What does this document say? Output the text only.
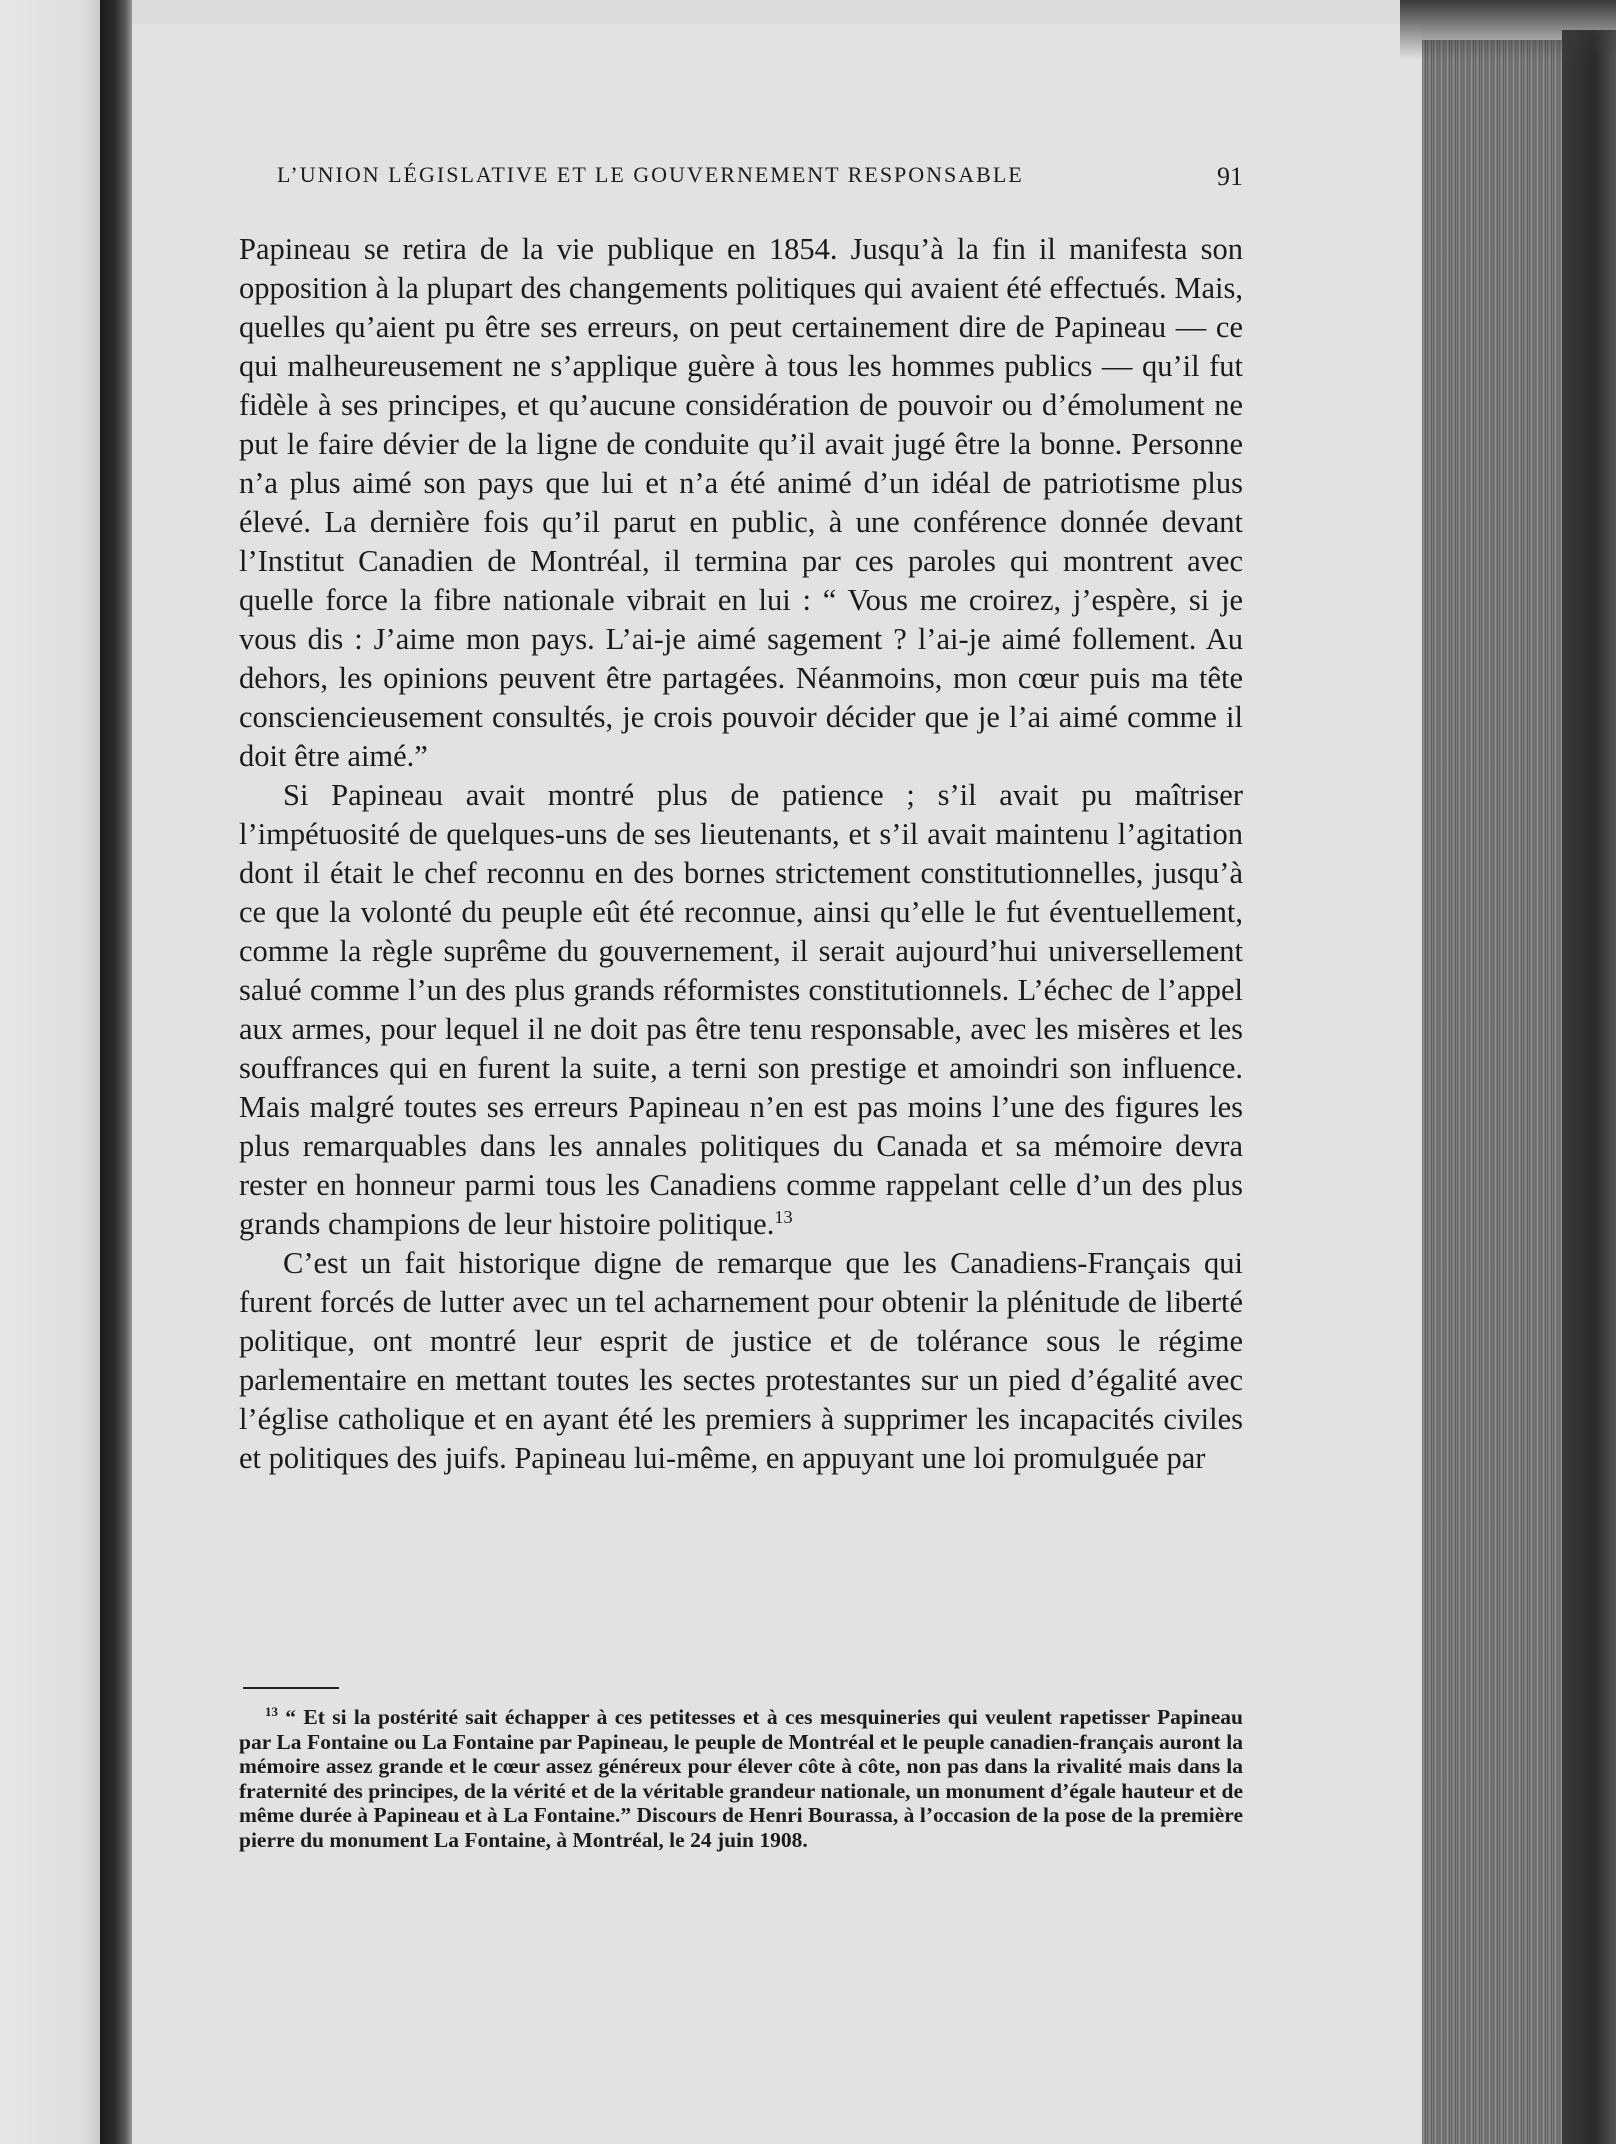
L’UNION LÉGISLATIVE ET LE GOUVERNEMENT RESPONSABLE	91

Papineau se retira de la vie publique en 1854. Jusqu’à la fin il manifesta son opposition à la plupart des changements politiques qui avaient été effectués. Mais, quelles qu’aient pu être ses erreurs, on peut certainement dire de Papineau — ce qui malheureusement ne s’applique guère à tous les hommes publics — qu’il fut fidèle à ses principes, et qu’aucune considération de pouvoir ou d’émolument ne put le faire dévier de la ligne de conduite qu’il avait jugé être la bonne. Personne n’a plus aimé son pays que lui et n’a été animé d’un idéal de patriotisme plus élevé. La dernière fois qu’il parut en public, à une conférence donnée devant l’Institut Canadien de Montréal, il termina par ces paroles qui montrent avec quelle force la fibre nationale vibrait en lui : “ Vous me croirez, j’espère, si je vous dis : J’aime mon pays. L’ai-je aimé sagement ? l’ai-je aimé follement. Au dehors, les opinions peuvent être partagées. Néanmoins, mon cœur puis ma tête consciencieusement consultés, je crois pouvoir décider que je l’ai aimé comme il doit être aimé.”

Si Papineau avait montré plus de patience ; s’il avait pu maîtriser l’impétuosité de quelques-uns de ses lieutenants, et s’il avait maintenu l’agitation dont il était le chef reconnu en des bornes strictement constitutionnelles, jusqu’à ce que la volonté du peuple eût été reconnue, ainsi qu’elle le fut éventuellement, comme la règle suprême du gouvernement, il serait aujourd’hui universellement salué comme l’un des plus grands réformistes constitutionnels. L’échec de l’appel aux armes, pour lequel il ne doit pas être tenu responsable, avec les misères et les souffrances qui en furent la suite, a terni son prestige et amoindri son influence. Mais malgré toutes ses erreurs Papineau n’en est pas moins l’une des figures les plus remarquables dans les annales politiques du Canada et sa mémoire devra rester en honneur parmi tous les Canadiens comme rappelant celle d’un des plus grands champions de leur histoire politique.$^{13}$

C’est un fait historique digne de remarque que les Canadiens-Français qui furent forcés de lutter avec un tel acharnement pour obtenir la plénitude de liberté politique, ont montré leur esprit de justice et de tolérance sous le régime parlementaire en mettant toutes les sectes protestantes sur un pied d’égalité avec l’église catholique et en ayant été les premiers à supprimer les incapacités civiles et politiques des juifs. Papineau lui-même, en appuyant une loi promulguée par

$^{13}$ “ Et si la postérité sait échapper à ces petitesses et à ces mesquineries qui veulent rapetisser Papineau par La Fontaine ou La Fontaine par Papineau, le peuple de Montréal et le peuple canadien-français auront la mémoire assez grande et le cœur assez généreux pour élever côte à côte, non pas dans la rivalité mais dans la fraternité des principes, de la vérité et de la véritable grandeur nationale, un monument d’égale hauteur et de même durée à Papineau et à La Fontaine.” Discours de Henri Bourassa, à l’occasion de la pose de la première pierre du monument La Fontaine, à Montréal, le 24 juin 1908.
